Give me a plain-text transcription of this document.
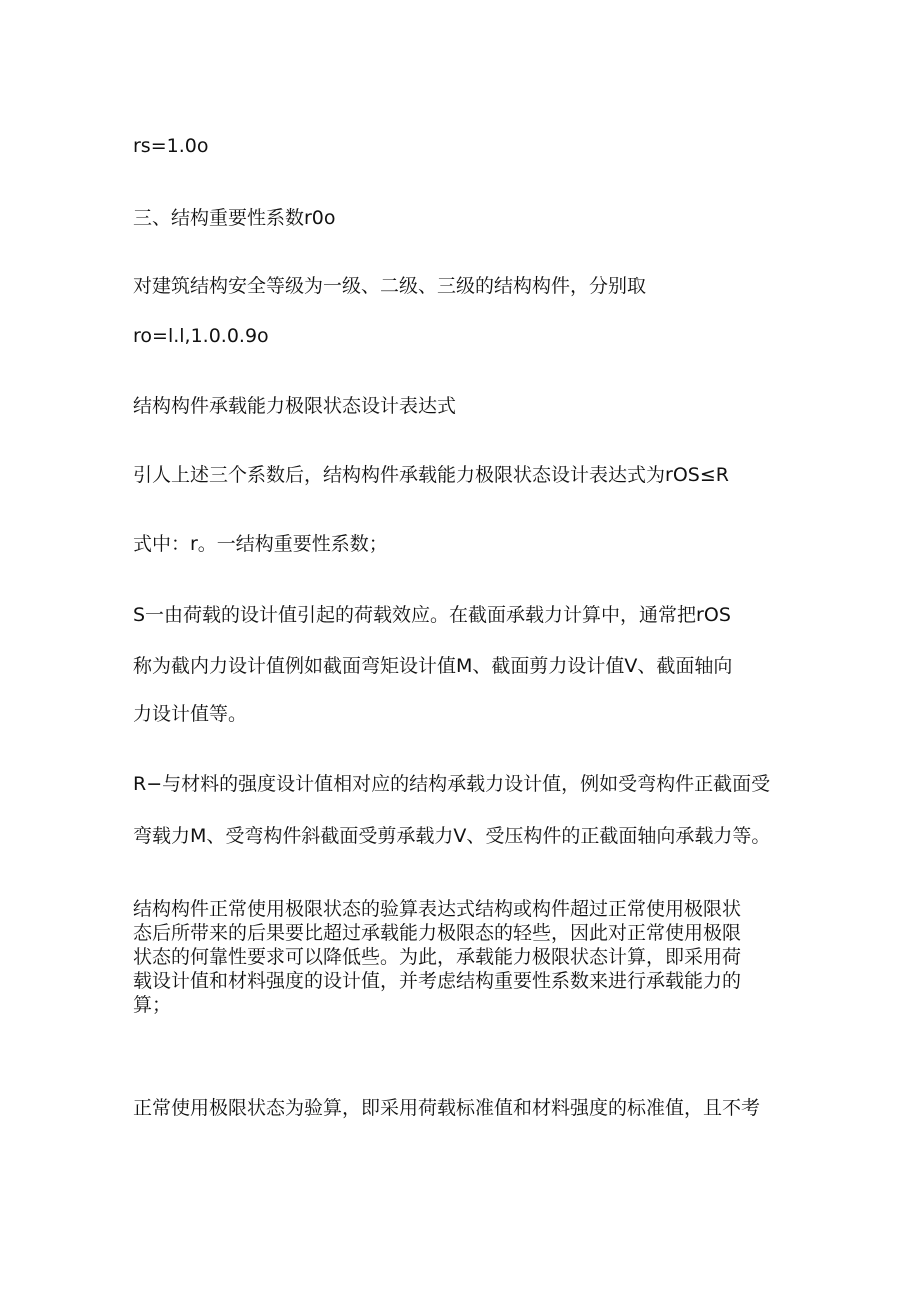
rs=1.0o

三、结构重要性系数r0o

对建筑结构安全等级为一级、二级、三级的结构构件，分别取

ro=l.l,1.0.0.9o

结构构件承载能力极限状态设计表达式

引人上述三个系数后，结构构件承载能力极限状态设计表达式为rOS≤R

式中：r。一结构重要性系数；

S一由荷载的设计值引起的荷载效应。在截面承载力计算中，通常把rOS

称为截内力设计值例如截面弯矩设计值M、截面剪力设计值V、截面轴向

力设计值等。

R−与材料的强度设计值相对应的结构承载力设计值，例如受弯构件正截面受

弯载力M、受弯构件斜截面受剪承载力V、受压构件的正截面轴向承载力等。

结构构件正常使用极限状态的验算表达式结构或构件超过正常使用极限状
态后所带来的后果要比超过承载能力极限态的轻些，因此对正常使用极限
状态的何靠性要求可以降低些。为此，承载能力极限状态计算，即采用荷
载设计值和材料强度的设计值，并考虑结构重要性系数来进行承载能力的
算；

正常使用极限状态为验算，即采用荷载标准值和材料强度的标准值，且不考
